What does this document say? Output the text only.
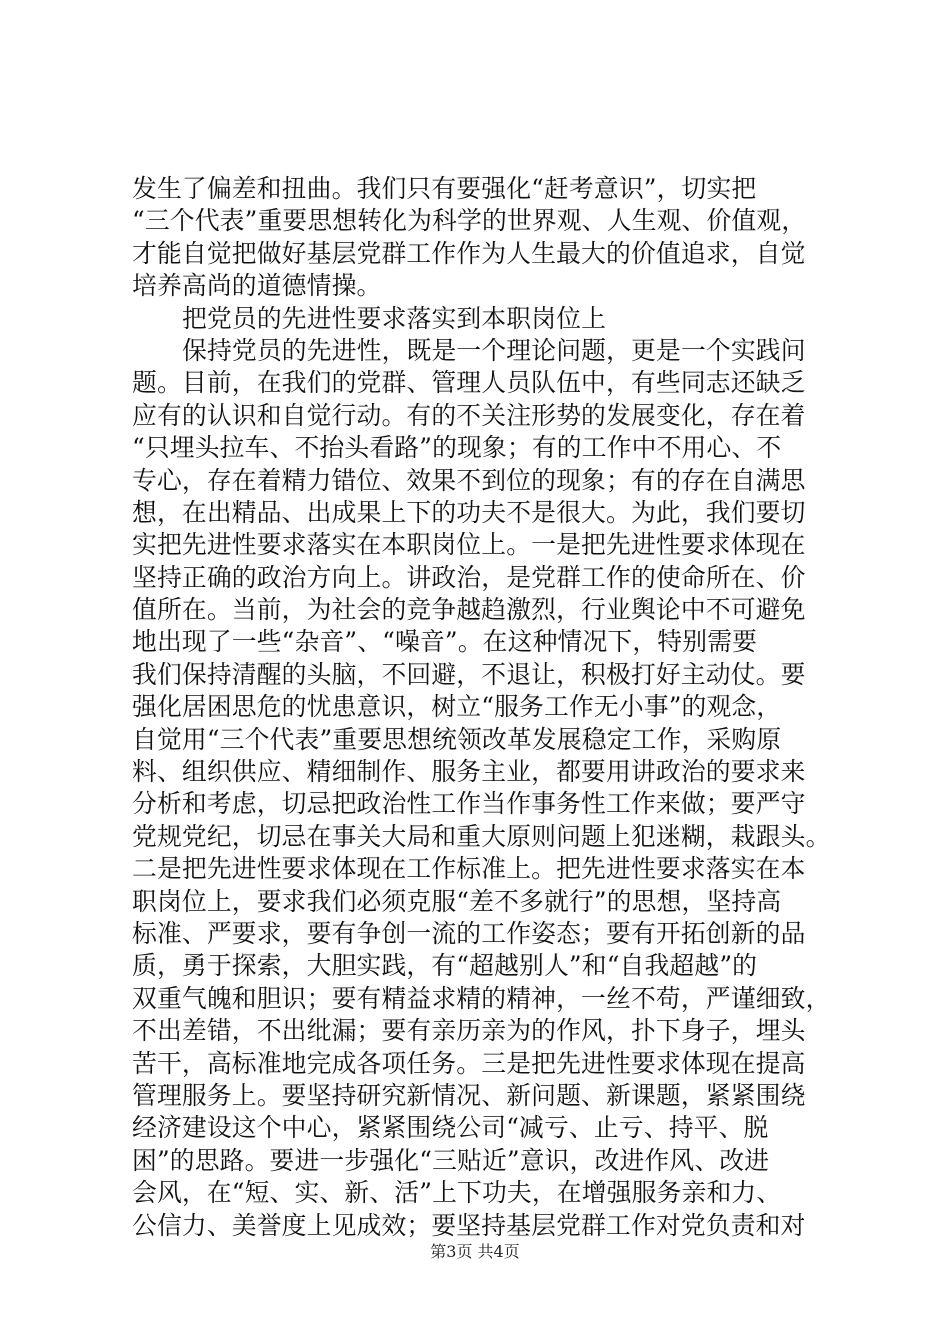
发生了偏差和扭曲。我们只有要强化“赶考意识”，切实把
“三个代表”重要思想转化为科学的世界观、人生观、价值观，
才能自觉把做好基层党群工作作为人生最大的价值追求，自觉
培养高尚的道德情操。
把党员的先进性要求落实到本职岗位上
保持党员的先进性，既是一个理论问题，更是一个实践问
题。目前，在我们的党群、管理人员队伍中，有些同志还缺乏
应有的认识和自觉行动。有的不关注形势的发展变化，存在着
“只埋头拉车、不抬头看路”的现象；有的工作中不用心、不
专心，存在着精力错位、效果不到位的现象；有的存在自满思
想，在出精品、出成果上下的功夫不是很大。为此，我们要切
实把先进性要求落实在本职岗位上。一是把先进性要求体现在
坚持正确的政治方向上。讲政治，是党群工作的使命所在、价
值所在。当前，为社会的竞争越趋激烈，行业舆论中不可避免
地出现了一些“杂音”、“噪音”。在这种情况下，特别需要
我们保持清醒的头脑，不回避，不退让，积极打好主动仗。要
强化居困思危的忧患意识，树立“服务工作无小事”的观念，
自觉用“三个代表”重要思想统领改革发展稳定工作，采购原
料、组织供应、精细制作、服务主业，都要用讲政治的要求来
分析和考虑，切忌把政治性工作当作事务性工作来做；要严守
党规党纪，切忌在事关大局和重大原则问题上犯迷糊，栽跟头。
二是把先进性要求体现在工作标准上。把先进性要求落实在本
职岗位上，要求我们必须克服“差不多就行”的思想，坚持高
标准、严要求，要有争创一流的工作姿态；要有开拓创新的品
质，勇于探索，大胆实践，有“超越别人”和“自我超越”的
双重气魄和胆识；要有精益求精的精神，一丝不苟，严谨细致，
不出差错，不出纰漏；要有亲历亲为的作风，扑下身子，埋头
苦干，高标准地完成各项任务。三是把先进性要求体现在提高
管理服务上。要坚持研究新情况、新问题、新课题，紧紧围绕
经济建设这个中心，紧紧围绕公司“减亏、止亏、持平、脱
困”的思路。要进一步强化“三贴近”意识，改进作风、改进
会风，在“短、实、新、活”上下功夫，在增强服务亲和力、
公信力、美誉度上见成效；要坚持基层党群工作对党负责和对
第3页 共4页
